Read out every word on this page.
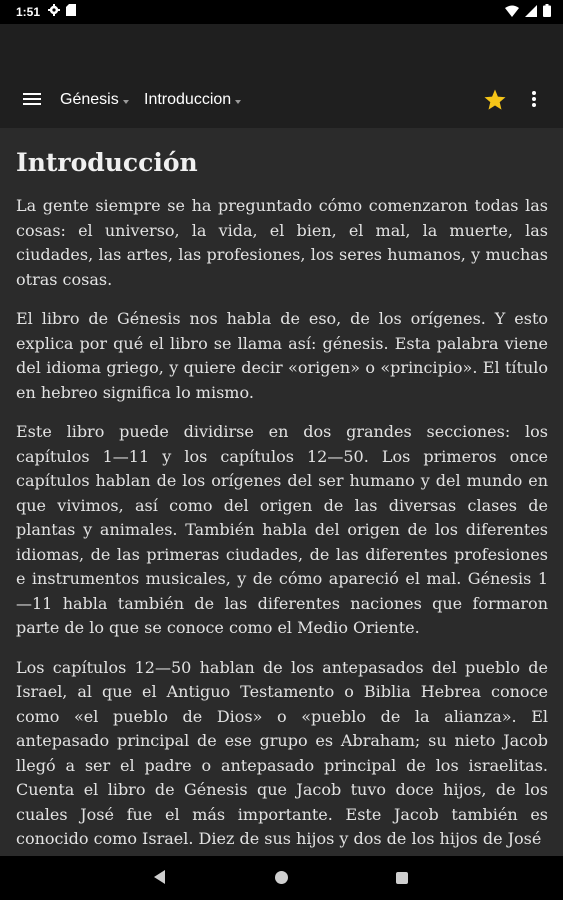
1:51
Génesis Introduccion
Introducción

La gente siempre se ha preguntado cómo comenzaron todas las cosas: el universo, la vida, el bien, el mal, la muerte, las ciudades, las artes, las profesiones, los seres humanos, y muchas otras cosas.

El libro de Génesis nos habla de eso, de los orígenes. Y esto explica por qué el libro se llama así: génesis. Esta palabra viene del idioma griego, y quiere decir «origen» o «principio». El título en hebreo significa lo mismo.

Este libro puede dividirse en dos grandes secciones: los capítulos 1—11 y los capítulos 12—50. Los primeros once capítulos hablan de los orígenes del ser humano y del mundo en que vivimos, así como del origen de las diversas clases de plantas y animales. También habla del origen de los diferentes idiomas, de las primeras ciudades, de las diferentes profesiones e instrumentos musicales, y de cómo apareció el mal. Génesis 1—11 habla también de las diferentes naciones que formaron parte de lo que se conoce como el Medio Oriente.

Los capítulos 12—50 hablan de los antepasados del pueblo de Israel, al que el Antiguo Testamento o Biblia Hebrea conoce como «el pueblo de Dios» o «pueblo de la alianza». El antepasado principal de ese grupo es Abraham; su nieto Jacob llegó a ser el padre o antepasado principal de los israelitas. Cuenta el libro de Génesis que Jacob tuvo doce hijos, de los cuales José fue el más importante. Este Jacob también es conocido como Israel. Diez de sus hijos y dos de los hijos de José
